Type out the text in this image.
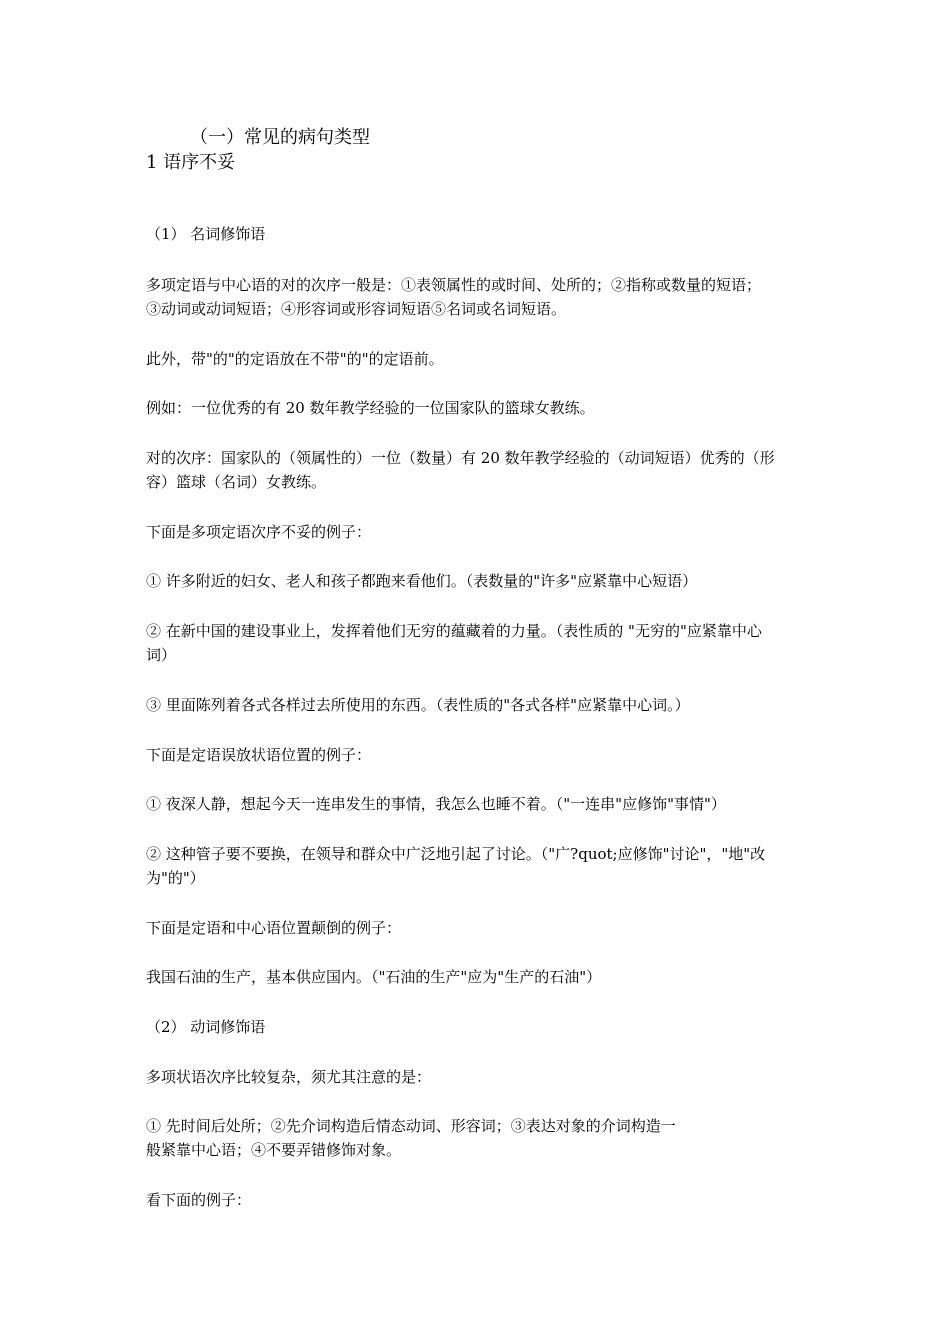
（一）常见的病句类型
1 语序不妥
（1） 名词修饰语
多项定语与中心语的对的次序一般是：①表领属性的或时间、处所的；②指称或数量的短语；
③动词或动词短语；④形容词或形容词短语⑤名词或名词短语。
此外，带"的"的定语放在不带"的"的定语前。
例如：一位优秀的有 20 数年教学经验的一位国家队的篮球女教练。
对的次序：国家队的（领属性的）一位（数量）有 20 数年教学经验的（动词短语）优秀的（形
容）篮球（名词）女教练。
下面是多项定语次序不妥的例子：
① 许多附近的妇女、老人和孩子都跑来看他们。（表数量的"许多"应紧靠中心短语）
② 在新中国的建设事业上，发挥着他们无穷的蕴藏着的力量。（表性质的 "无穷的"应紧靠中心
词）
③ 里面陈列着各式各样过去所使用的东西。（表性质的"各式各样"应紧靠中心词。）
下面是定语误放状语位置的例子：
① 夜深人静，想起今天一连串发生的事情，我怎么也睡不着。（"一连串"应修饰"事情"）
② 这种管子要不要换，在领导和群众中广泛地引起了讨论。（"广?quot;应修饰"讨论"，"地"改
为"的"）
下面是定语和中心语位置颠倒的例子：
我国石油的生产，基本供应国内。（"石油的生产"应为"生产的石油"）
（2） 动词修饰语
多项状语次序比较复杂，须尤其注意的是：
① 先时间后处所；②先介词构造后情态动词、形容词；③表达对象的介词构造一
般紧靠中心语；④不要弄错修饰对象。
看下面的例子：
